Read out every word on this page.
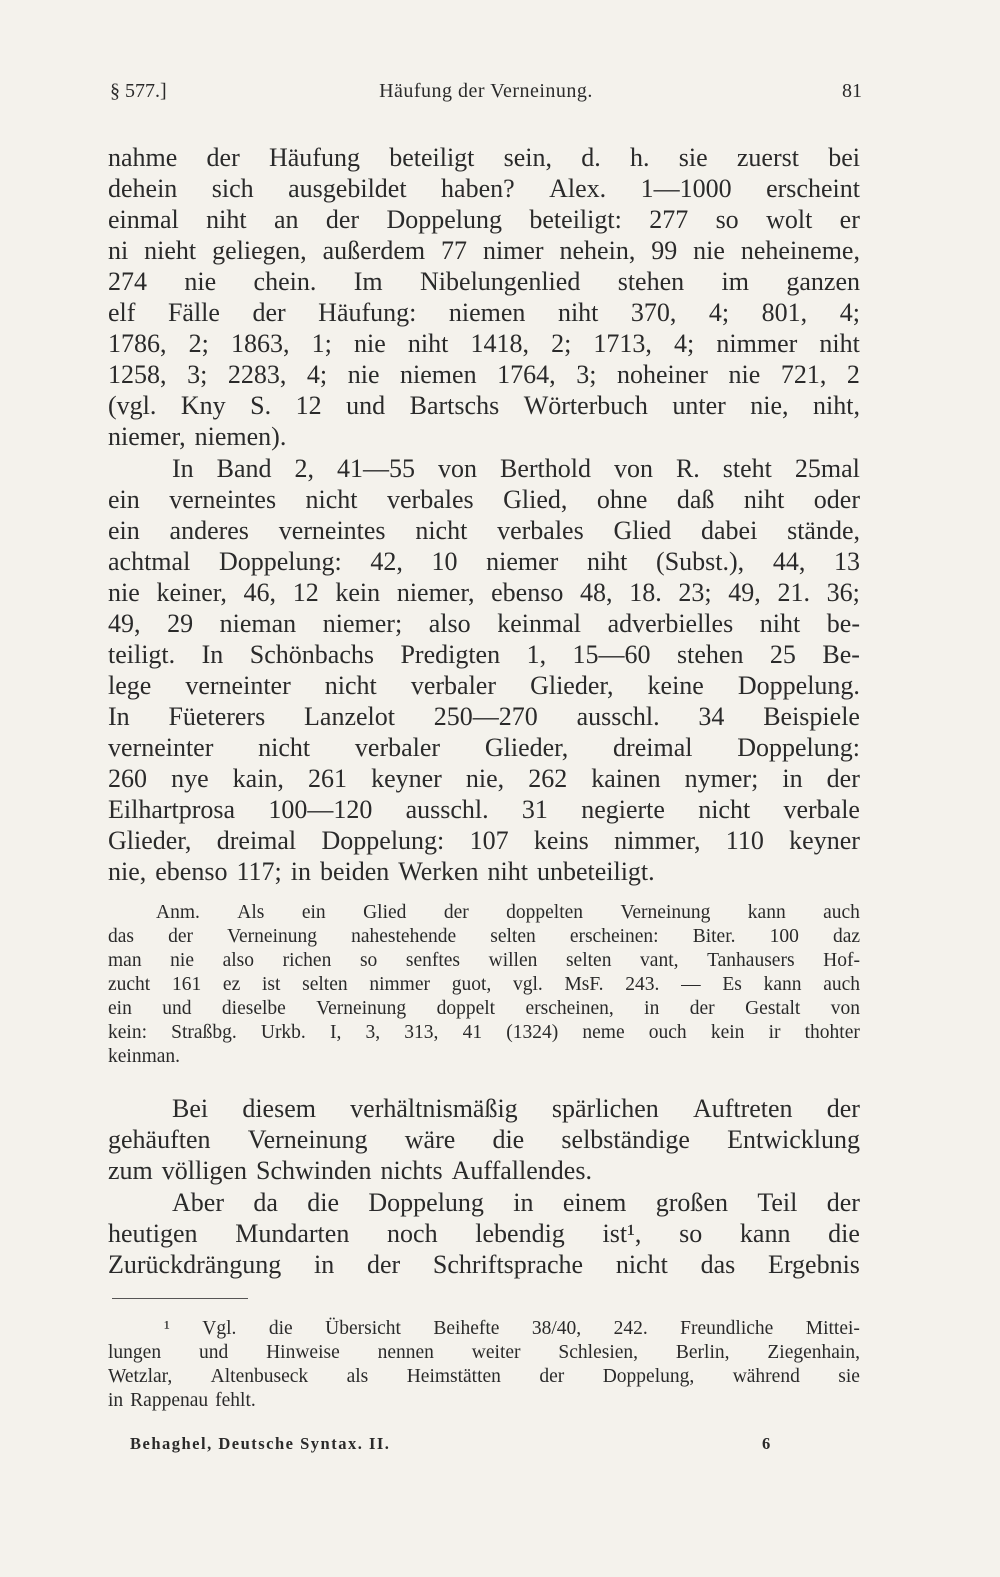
Häufung der Verneinung.
§ 577.]	81
nahme der Häufung beteiligt sein, d. h. sie zuerst bei
dehein sich ausgebildet haben? Alex. 1—1000 erscheint
einmal niht an der Doppelung beteiligt: 277 so wolt er
ni nieht geliegen, außerdem 77 nimer nehein, 99 nie neheineme,
274 nie chein. Im Nibelungenlied stehen im ganzen
elf Fälle der Häufung: niemen niht 370, 4; 801, 4;
1786, 2; 1863, 1; nie niht 1418, 2; 1713, 4; nimmer niht
1258, 3; 2283, 4; nie niemen 1764, 3; noheiner nie 721, 2
(vgl. Kny S. 12 und Bartschs Wörterbuch unter nie, niht,
niemer, niemen).
In Band 2, 41—55 von Berthold von R. steht 25mal
ein verneintes nicht verbales Glied, ohne daß niht oder
ein anderes verneintes nicht verbales Glied dabei stände,
achtmal Doppelung: 42, 10 niemer niht (Subst.), 44, 13
nie keiner, 46, 12 kein niemer, ebenso 48, 18. 23; 49, 21. 36;
49, 29 nieman niemer; also keinmal adverbielles niht be-
teiligt. In Schönbachs Predigten 1, 15—60 stehen 25 Be-
lege verneinter nicht verbaler Glieder, keine Doppelung.
In Füeterers Lanzelot 250—270 ausschl. 34 Beispiele
verneinter nicht verbaler Glieder, dreimal Doppelung:
260 nye kain, 261 keyner nie, 262 kainen nymer; in der
Eilhartprosa 100—120 ausschl. 31 negierte nicht verbale
Glieder, dreimal Doppelung: 107 keins nimmer, 110 keyner
nie, ebenso 117; in beiden Werken niht unbeteiligt.
Bei diesem verhältnismäßig spärlichen Auftreten der
gehäuften Verneinung wäre die selbständige Entwicklung
zum völligen Schwinden nichts Auffallendes.
Aber da die Doppelung in einem großen Teil der
heutigen Mundarten noch lebendig ist¹, so kann die
Zurückdrängung in der Schriftsprache nicht das Ergebnis
Anm. Als ein Glied der doppelten Verneinung kann auch
das der Verneinung nahestehende selten erscheinen: Biter. 100 daz
man nie also richen so senftes willen selten vant, Tanhausers Hof-
zucht 161 ez ist selten nimmer guot, vgl. MsF. 243. — Es kann auch
ein und dieselbe Verneinung doppelt erscheinen, in der Gestalt von
kein: Straßbg. Urkb. I, 3, 313, 41 (1324) neme ouch kein ir thohter
kein man.
¹ Vgl. die Übersicht Beihefte 38/40, 242. Freundliche Mittei-
lungen und Hinweise nennen weiter Schlesien, Berlin, Ziegenhain,
Wetzlar, Altenbuseck als Heimstätten der Doppelung, während sie
in Rappenau fehlt.
Behaghel, Deutsche Syntax. II.	6
